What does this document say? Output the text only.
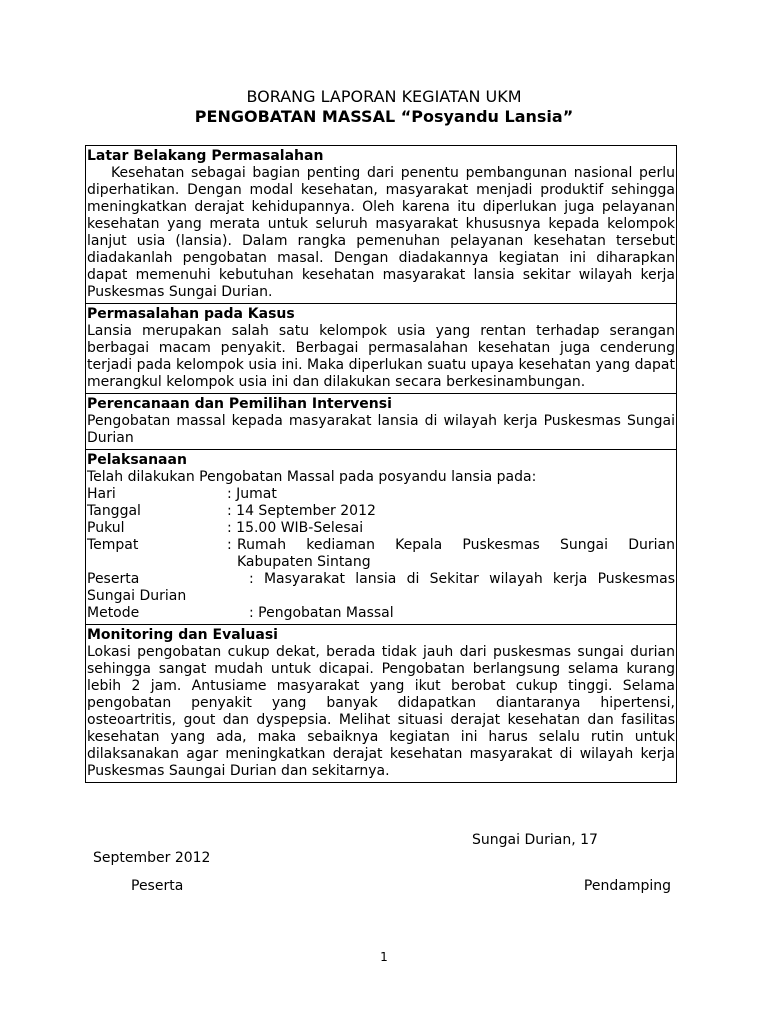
BORANG LAPORAN KEGIATAN UKM
PENGOBATAN MASSAL “Posyandu Lansia”
Latar Belakang Permasalahan
Kesehatan sebagai bagian penting dari penentu pembangunan nasional perlu diperhatikan. Dengan modal kesehatan, masyarakat menjadi produktif sehingga meningkatkan derajat kehidupannya. Oleh karena itu diperlukan juga pelayanan kesehatan yang merata untuk seluruh masyarakat khususnya kepada kelompok lanjut usia (lansia). Dalam rangka pemenuhan pelayanan kesehatan tersebut diadakanlah pengobatan masal. Dengan diadakannya kegiatan ini diharapkan dapat memenuhi kebutuhan kesehatan masyarakat lansia sekitar wilayah kerja Puskesmas Sungai Durian.
Permasalahan pada Kasus
Lansia merupakan salah satu kelompok usia yang rentan terhadap serangan berbagai macam penyakit. Berbagai permasalahan kesehatan juga cenderung terjadi pada kelompok usia ini. Maka diperlukan suatu upaya kesehatan yang dapat merangkul kelompok usia ini dan dilakukan secara berkesinambungan.
Perencanaan dan Pemilihan Intervensi
Pengobatan massal kepada masyarakat lansia di wilayah kerja Puskesmas Sungai Durian
Pelaksanaan
Telah dilakukan Pengobatan Massal pada posyandu lansia pada:
Hari	: Jumat
Tanggal	: 14 September 2012
Pukul	: 15.00 WIB-Selesai
Tempat	: Rumah kediaman Kepala Puskesmas Sungai Durian Kabupaten Sintang
Peserta	: Masyarakat lansia di Sekitar wilayah kerja Puskesmas Sungai Durian
Metode	: Pengobatan Massal
Monitoring dan Evaluasi
Lokasi pengobatan cukup dekat, berada tidak jauh dari puskesmas sungai durian sehingga sangat mudah untuk dicapai. Pengobatan berlangsung selama kurang lebih 2 jam. Antusiame masyarakat yang ikut berobat cukup tinggi. Selama pengobatan penyakit yang banyak didapatkan diantaranya hipertensi, osteoartritis, gout dan dyspepsia. Melihat situasi derajat kesehatan dan fasilitas kesehatan yang ada, maka sebaiknya kegiatan ini harus selalu rutin untuk dilaksanakan agar meningkatkan derajat kesehatan masyarakat di wilayah kerja Puskesmas Saungai Durian dan sekitarnya.
Sungai Durian, 17
September 2012
Peserta	Pendamping
1
